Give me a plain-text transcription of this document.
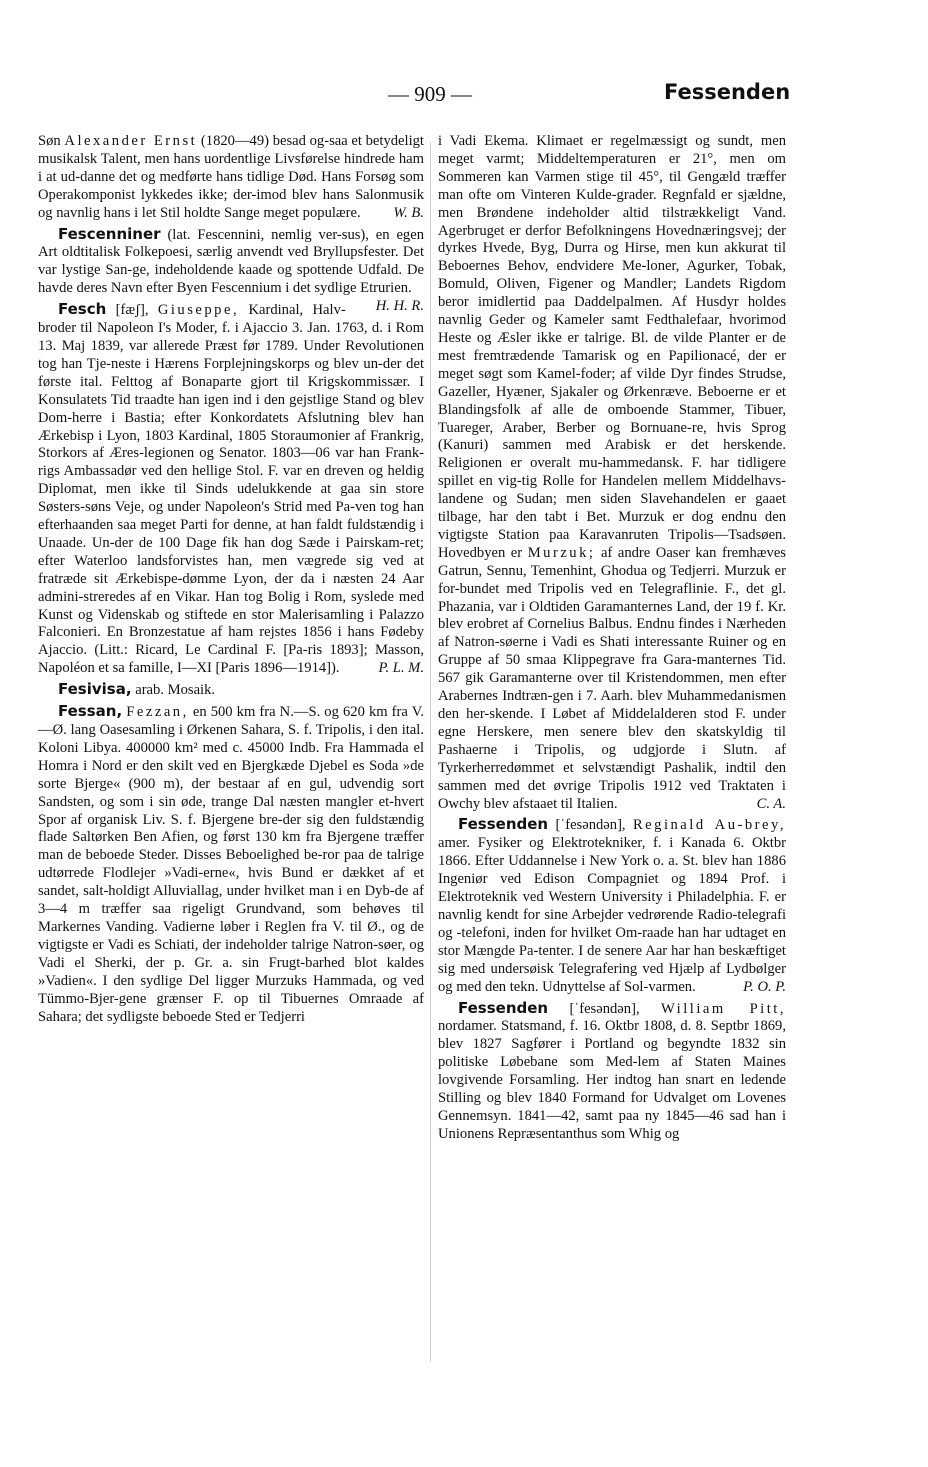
— 909 —	Fessenden

Søn Alexander Ernst (1820—49) besad og-saa et betydeligt musikalsk Talent, men hans uordentlige Livsførelse hindrede ham i at ud-danne det og medførte hans tidlige Død. Hans Forsøg som Operakomponist lykkedes ikke; der-imod blev hans Salonmusik og navnlig hans i let Stil holdte Sange meget populære. W. B.

Fescenniner (lat. Fescennini, nemlig ver-sus), en egen Art oldtitalisk Folkepoesi, særlig anvendt ved Bryllupsfester. Det var lystige San-ge, indeholdende kaade og spottende Udfald. De havde deres Navn efter Byen Fescennium i det sydlige Etrurien.
H. H. R.

Fesch [fæʃ], Giuseppe, Kardinal, Halv-broder til Napoleon I's Moder, f. i Ajaccio 3. Jan. 1763, d. i Rom 13. Maj 1839, var allerede Præst før 1789. Under Revolutionen tog han Tje-neste i Hærens Forplejningskorps og blev un-der det første ital. Felttog af Bonaparte gjort til Krigskommissær. I Konsulatets Tid traadte han igen ind i den gejstlige Stand og blev Dom-herre i Bastia; efter Konkordatets Afslutning blev han Ærkebisp i Lyon, 1803 Kardinal, 1805 Storaumonier af Frankrig, Storkors af Æres-legionen og Senator. 1803—06 var han Frank-rigs Ambassadør ved den hellige Stol. F. var en dreven og heldig Diplomat, men ikke til Sinds udelukkende at gaa sin store Søsters-søns Veje, og under Napoleon's Strid med Pa-ven tog han efterhaanden saa meget Parti for denne, at han faldt fuldstændig i Unaade. Un-der de 100 Dage fik han dog Sæde i Pairskam-ret; efter Waterloo landsforvistes han, men vægrede sig ved at fratræde sit Ærkebispe-dømme Lyon, der da i næsten 24 Aar admini-streredes af en Vikar. Han tog Bolig i Rom, syslede med Kunst og Videnskab og stiftede en stor Malerisamling i Palazzo Falconieri. En Bronzestatue af ham rejstes 1856 i hans Fødeby Ajaccio. (Litt.: Ricard, Le Cardinal F. [Pa-ris 1893]; Masson, Napoléon et sa famille, I—XI [Paris 1896—1914]).	P. L. M.

Fesivisa, arab. Mosaik.

Fessan, Fezzan, en 500 km fra N.—S. og 620 km fra V.—Ø. lang Oasesamling i Ørkenen Sahara, S. f. Tripolis, i den ital. Koloni Libya. 400000 km² med c. 45000 Indb. Fra Hammada el Homra i Nord er den skilt ved en Bjergkæde Djebel es Soda »de sorte Bjerge« (900 m), der bestaar af en gul, udvendig sort Sandsten, og som i sin øde, trange Dal næsten mangler et-hvert Spor af organisk Liv. S. f. Bjergene bre-der sig den fuldstændig flade Saltørken Ben Afien, og først 130 km fra Bjergene træffer man de beboede Steder. Disses Beboelighed be-ror paa de talrige udtørrede Flodlejer »Vadi-erne«, hvis Bund er dækket af et sandet, salt-holdigt Alluviallag, under hvilket man i en Dyb-de af 3—4 m træffer saa rigeligt Grundvand, som behøves til Markernes Vanding. Vadierne løber i Reglen fra V. til Ø., og de vigtigste er Vadi es Schiati, der indeholder talrige Natron-søer, og Vadi el Sherki, der p. Gr. a. sin Frugt-barhed blot kaldes »Vadien«. I den sydlige Del ligger Murzuks Hammada, og ved Tümmo-Bjer-gene grænser F. op til Tibuernes Omraade af Sahara; det sydligste beboede Sted er Tedjerri

i Vadi Ekema. Klimaet er regelmæssigt og sundt, men meget varmt; Middeltemperaturen er 21°, men om Sommeren kan Varmen stige til 45°, til Gengæld træffer man ofte om Vinteren Kulde-grader. Regnfald er sjældne, men Brøndene indeholder altid tilstrækkeligt Vand. Agerbruget er derfor Befolkningens Hovednæringsvej; der dyrkes Hvede, Byg, Durra og Hirse, men kun akkurat til Beboernes Behov, endvidere Me-loner, Agurker, Tobak, Bomuld, Oliven, Figener og Mandler; Landets Rigdom beror imidlertid paa Daddelpalmen. Af Husdyr holdes navnlig Geder og Kameler samt Fedthalefaar, hvorimod Heste og Æsler ikke er talrige. Bl. de vilde Planter er de mest fremtrædende Tamarisk og en Papilionacé, der er meget søgt som Kamel-foder; af vilde Dyr findes Strudse, Gazeller, Hyæner, Sjakaler og Ørkenræve. Beboerne er et Blandingsfolk af alle de omboende Stammer, Tibuer, Tuareger, Araber, Berber og Bornuane-re, hvis Sprog (Kanuri) sammen med Arabisk er det herskende. Religionen er overalt mu-hammedansk. F. har tidligere spillet en vig-tig Rolle for Handelen mellem Middelhavs-landene og Sudan; men siden Slavehandelen er gaaet tilbage, har den tabt i Bet. Murzuk er dog endnu den vigtigste Station paa Karavanruten Tripolis—Tsadsøen. Hovedbyen er Murzuk; af andre Oaser kan fremhæves Gatrun, Sennu, Temenhint, Ghodua og Tedjerri. Murzuk er for-bundet med Tripolis ved en Telegraflinie. F., det gl. Phazania, var i Oldtiden Garamanternes Land, der 19 f. Kr. blev erobret af Cornelius Balbus. Endnu findes i Nærheden af Natron-søerne i Vadi es Shati interessante Ruiner og en Gruppe af 50 smaa Klippegrave fra Gara-manternes Tid. 567 gik Garamanterne over til Kristendommen, men efter Arabernes Indtræn-gen i 7. Aarh. blev Muhammedanismen den her-skende. I Løbet af Middelalderen stod F. under egne Herskere, men senere blev den skatskyldig til Pashaerne i Tripolis, og udgjorde i Slutn. af Tyrkerherredømmet et selvstændigt Pashalik, indtil den sammen med det øvrige Tripolis 1912 ved Traktaten i Owchy blev afstaaet til Italien.	C. A.

Fessenden [ˈfesəndən], Reginald Au-brey, amer. Fysiker og Elektrotekniker, f. i Kanada 6. Oktbr 1866. Efter Uddannelse i New York o. a. St. blev han 1886 Ingeniør ved Edison Compagniet og 1894 Prof. i Elektroteknik ved Western University i Philadelphia. F. er navnlig kendt for sine Arbejder vedrørende Radio-telegrafi og -telefoni, inden for hvilket Om-raade han har udtaget en stor Mængde Pa-tenter. I de senere Aar har han beskæftiget sig med undersøisk Telegrafering ved Hjælp af Lydbølger og med den tekn. Udnyttelse af Sol-varmen.	P. O. P.

Fessenden [ˈfesəndən], William Pitt, nordamer. Statsmand, f. 16. Oktbr 1808, d. 8. Septbr 1869, blev 1827 Sagfører i Portland og begyndte 1832 sin politiske Løbebane som Med-lem af Staten Maines lovgivende Forsamling. Her indtog han snart en ledende Stilling og blev 1840 Formand for Udvalget om Lovenes Gennemsyn. 1841—42, samt paa ny 1845—46 sad han i Unionens Repræsentanthus som Whig og
